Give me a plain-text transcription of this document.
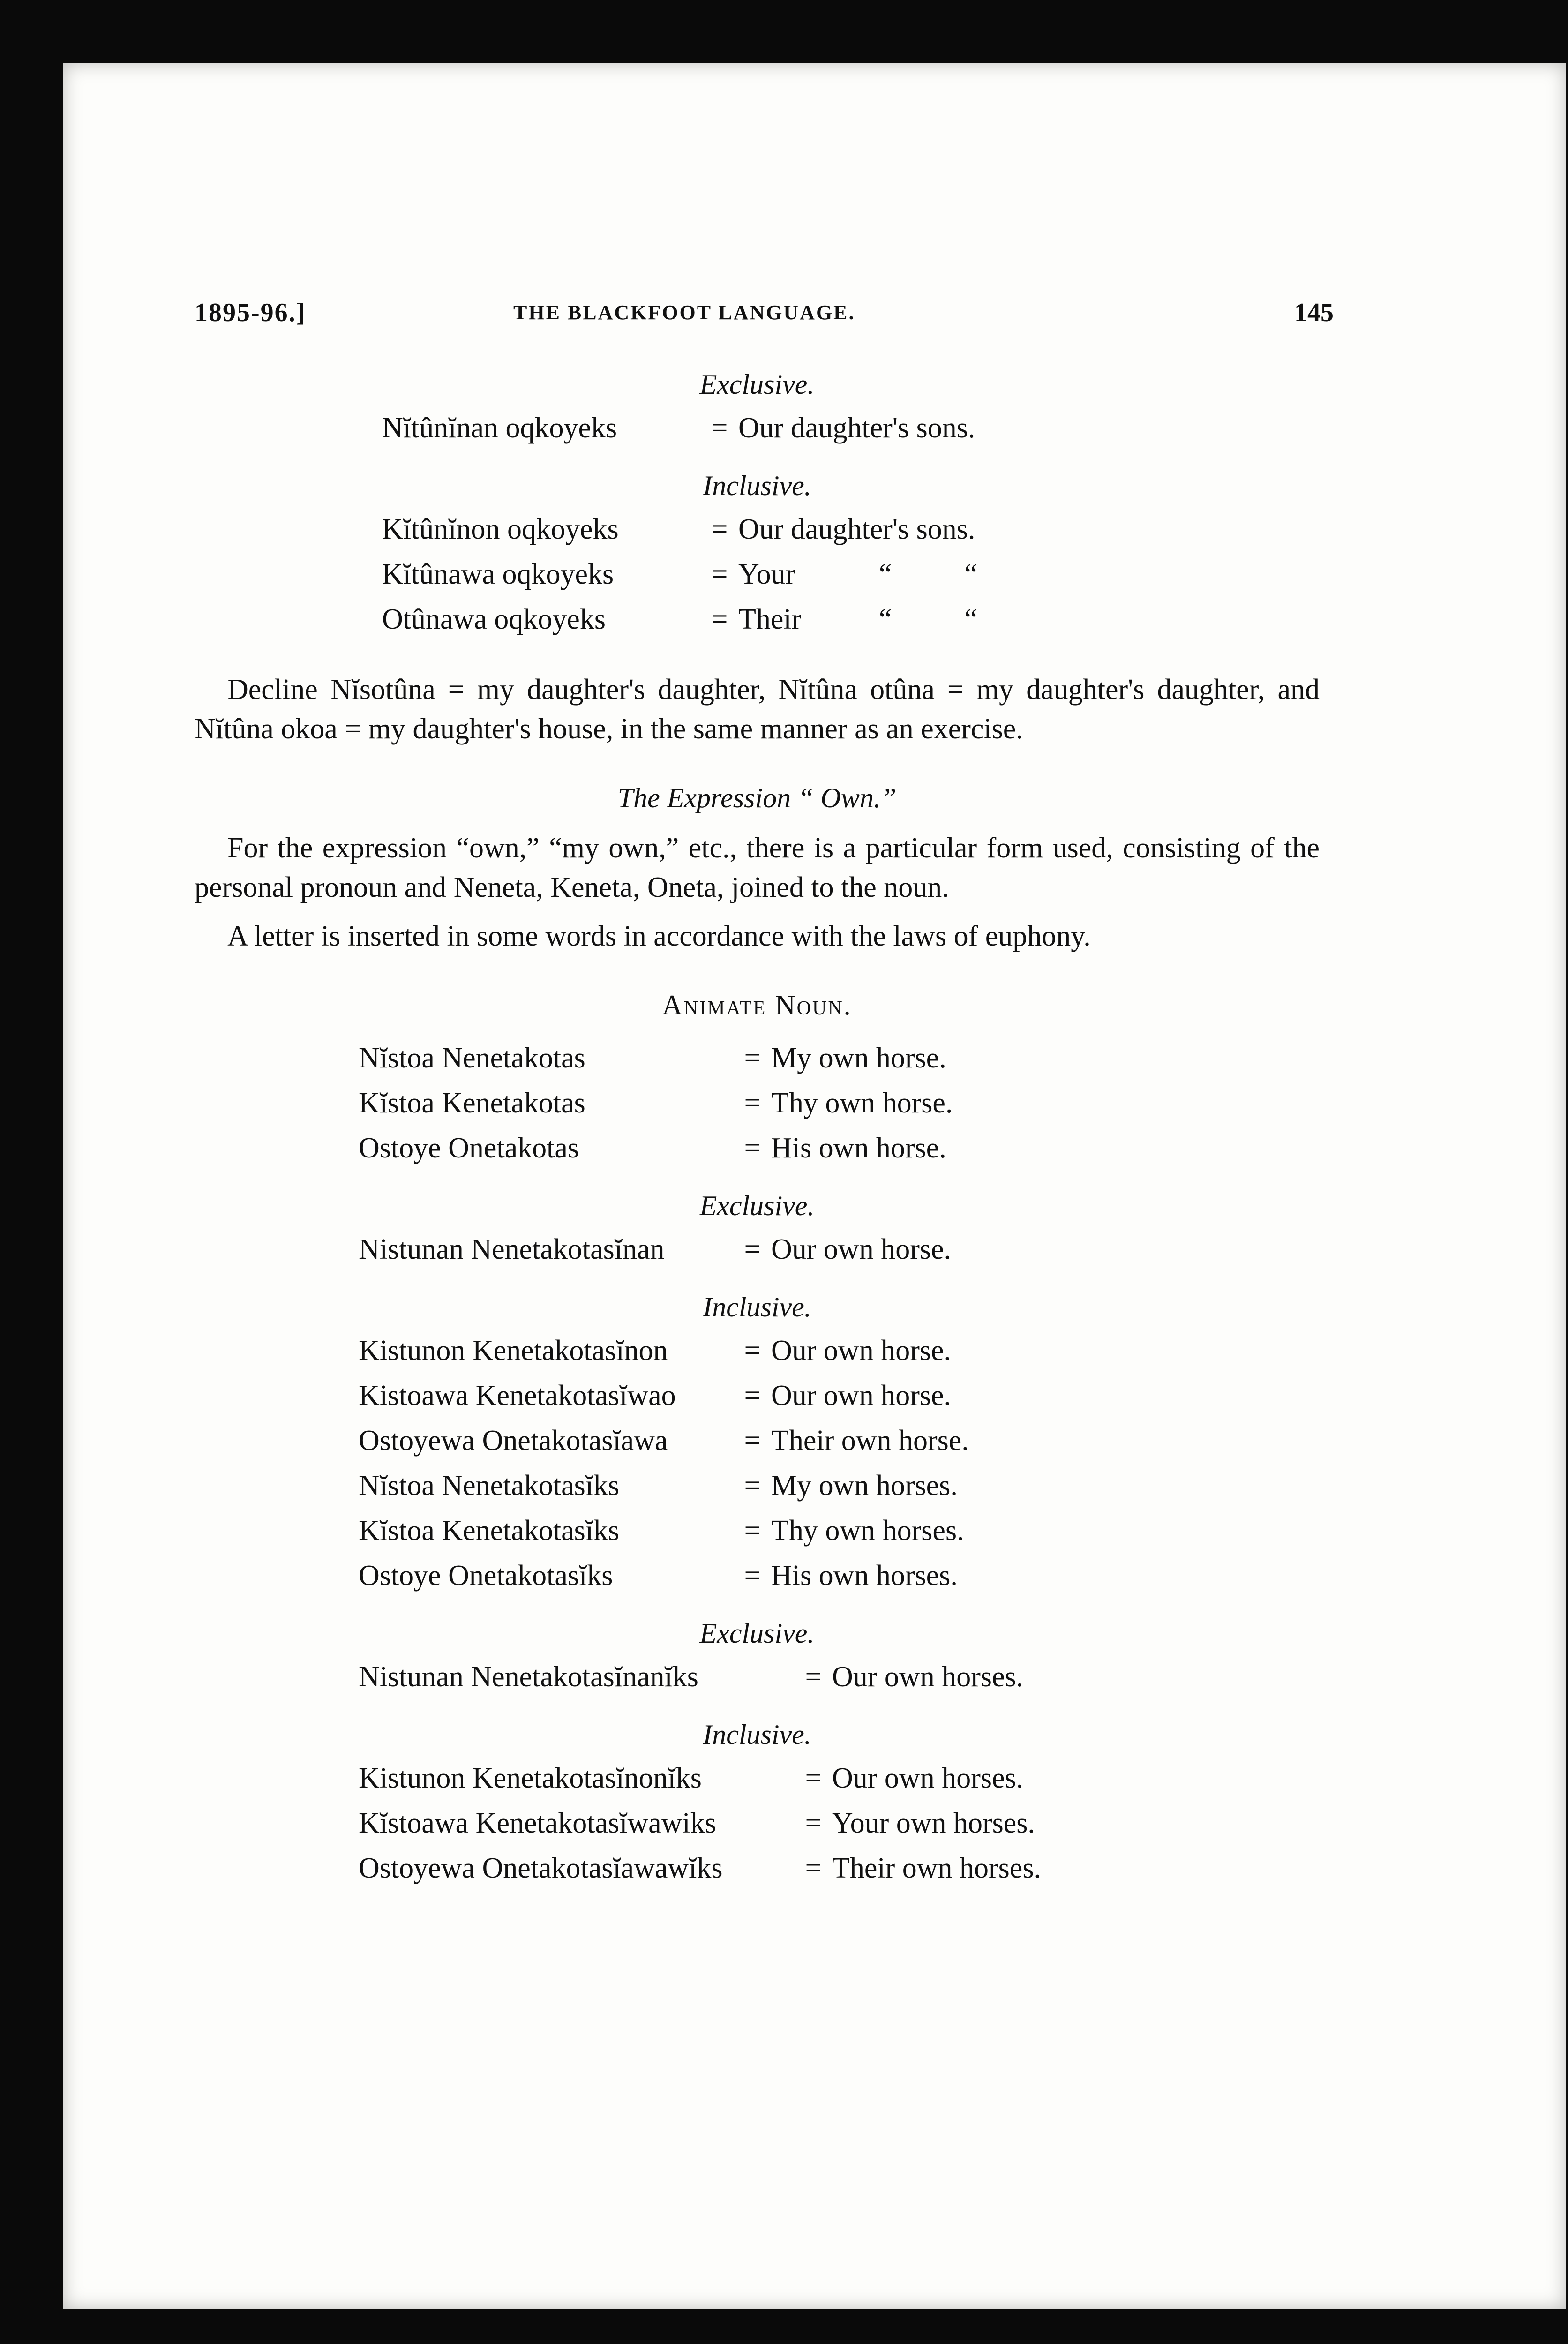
1895-96.]	THE BLACKFOOT LANGUAGE.	145
Exclusive.
Nĭtûnĭnan oqkoyeks	= Our daughter's sons.
Inclusive.
Kĭtûnĭnon oqkoyeks	= Our daughter's sons.
Kĭtûnawa oqkoyeks	= Your	“          “
Otûnawa oqkoyeks	= Their	“          “

Decline Nĭsotûna = my daughter's daughter, Nĭtûna otûna = my daughter's daughter, and Nĭtûna okoa = my daughter's house, in the same manner as an exercise.

The Expression “ Own.”

For the expression “own,” “my own,” etc., there is a particular form used, consisting of the personal pronoun and Neneta, Keneta, Oneta, joined to the noun.

A letter is inserted in some words in accordance with the laws of euphony.

Animate Noun.
Nĭstoa Nenetakotas	= My own horse.
Kĭstoa Kenetakotas	= Thy own horse.
Ostoye Onetakotas	= His own horse.
Exclusive.
Nistunan Nenetakotasĭnan	= Our own horse.
Inclusive.
Kistunon Kenetakotasĭnon	= Our own horse.
Kistoawa Kenetakotasĭwao	= Our own horse.
Ostoyewa Onetakotasĭawa	= Their own horse.
Nĭstoa Nenetakotasĭks	= My own horses.
Kĭstoa Kenetakotasĭks	= Thy own horses.
Ostoye Onetakotasĭks	= His own horses.
Exclusive.
Nistunan Nenetakotasĭnanĭks	= Our own horses.
Inclusive.
Kistunon Kenetakotasĭnonĭks	= Our own horses.
Kĭstoawa Kenetakotasĭwawiks	= Your own horses.
Ostoyewa Onetakotasĭawawĭks	= Their own horses.
